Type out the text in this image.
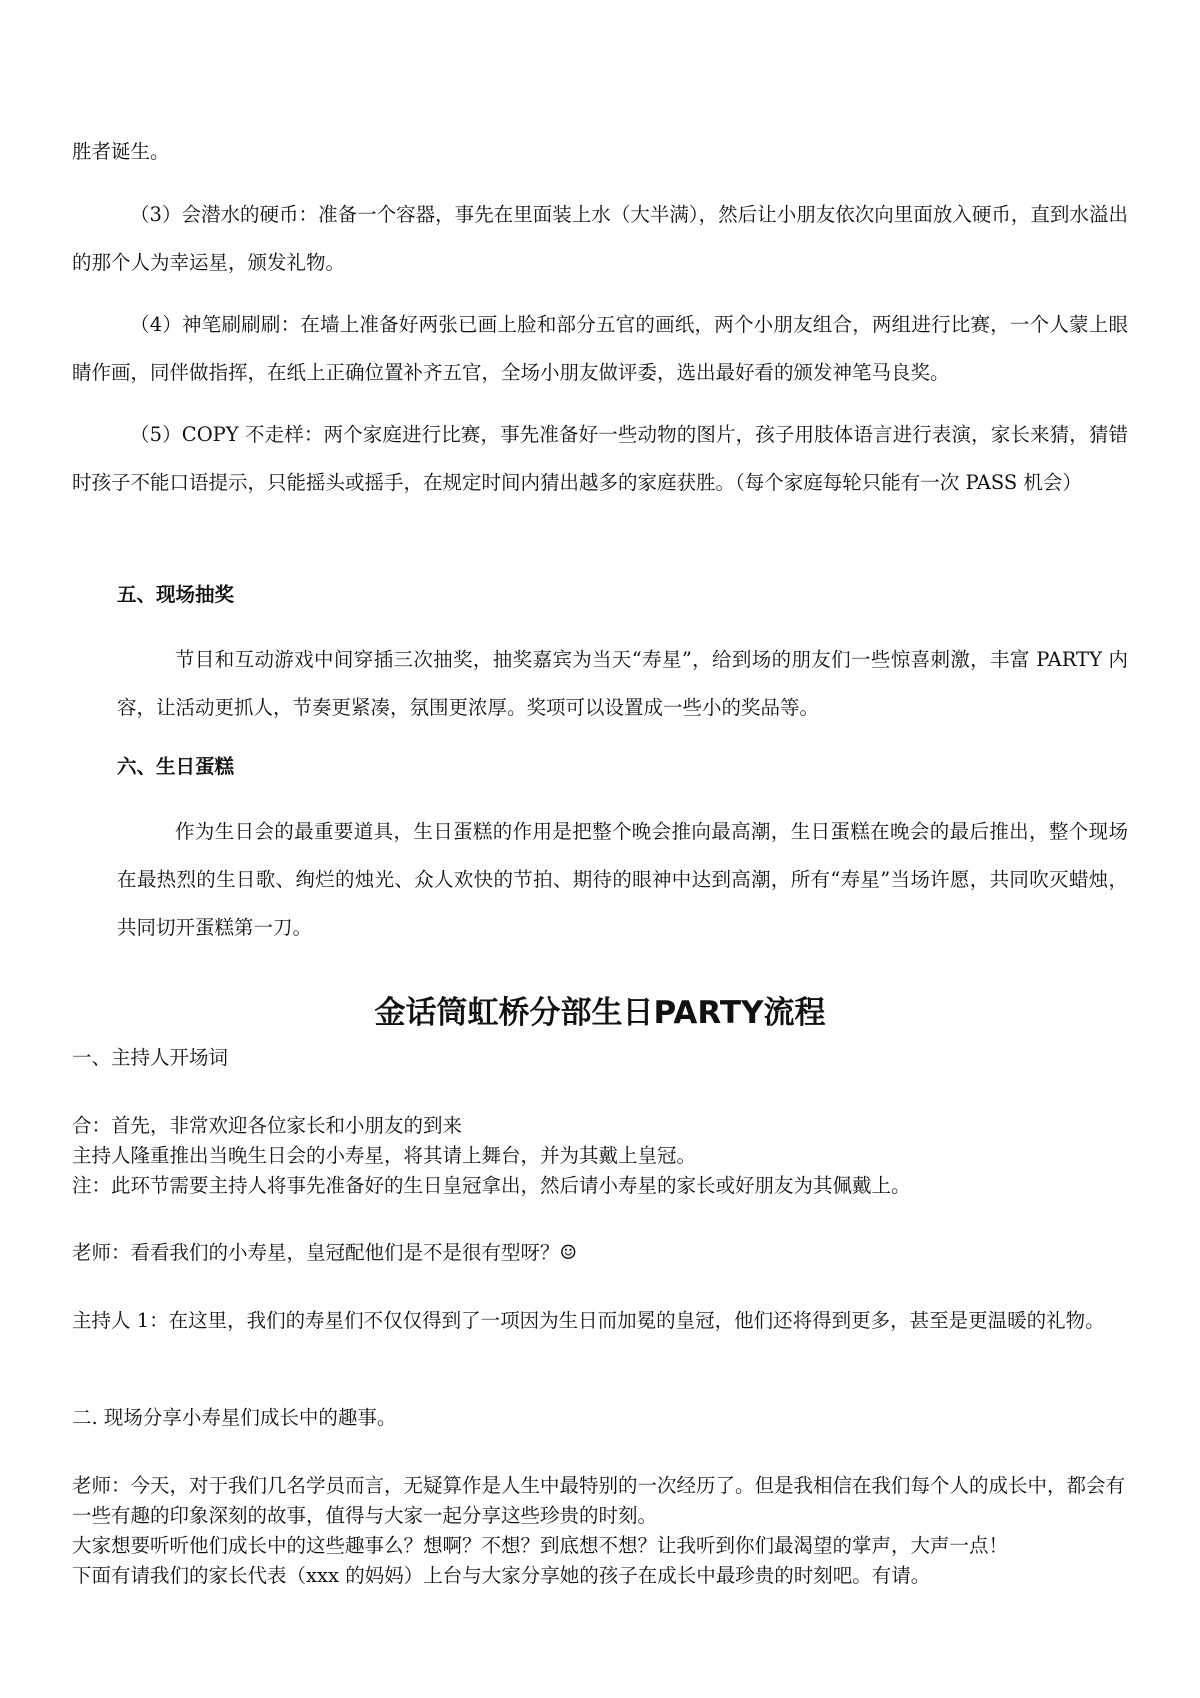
胜者诞生。

（3）会潜水的硬币：准备一个容器，事先在里面装上水（大半满），然后让小朋友依次向里面放入硬币，直到水溢出的那个人为幸运星，颁发礼物。

（4）神笔刷刷刷：在墙上准备好两张已画上脸和部分五官的画纸，两个小朋友组合，两组进行比赛，一个人蒙上眼睛作画，同伴做指挥，在纸上正确位置补齐五官，全场小朋友做评委，选出最好看的颁发神笔马良奖。

（5）COPY 不走样：两个家庭进行比赛，事先准备好一些动物的图片，孩子用肢体语言进行表演，家长来猜，猜错时孩子不能口语提示，只能摇头或摇手，在规定时间内猜出越多的家庭获胜。（每个家庭每轮只能有一次 PASS 机会）

五、现场抽奖

节目和互动游戏中间穿插三次抽奖，抽奖嘉宾为当天“寿星”，给到场的朋友们一些惊喜刺激，丰富 PARTY 内容，让活动更抓人，节奏更紧凑，氛围更浓厚。奖项可以设置成一些小的奖品等。

六、生日蛋糕

作为生日会的最重要道具，生日蛋糕的作用是把整个晚会推向最高潮，生日蛋糕在晚会的最后推出，整个现场在最热烈的生日歌、绚烂的烛光、众人欢快的节拍、期待的眼神中达到高潮，所有“寿星”当场许愿，共同吹灭蜡烛，共同切开蛋糕第一刀。

金话筒虹桥分部生日PARTY流程

一、主持人开场词

合：首先，非常欢迎各位家长和小朋友的到来

主持人隆重推出当晚生日会的小寿星，将其请上舞台，并为其戴上皇冠。

注：此环节需要主持人将事先准备好的生日皇冠拿出，然后请小寿星的家长或好朋友为其佩戴上。

老师：看看我们的小寿星，皇冠配他们是不是很有型呀？☺

主持人 1：在这里，我们的寿星们不仅仅得到了一项因为生日而加冕的皇冠，他们还将得到更多，甚至是更温暖的礼物。

二. 现场分享小寿星们成长中的趣事。

老师：今天，对于我们几名学员而言，无疑算作是人生中最特别的一次经历了。但是我相信在我们每个人的成长中，都会有一些有趣的印象深刻的故事，值得与大家一起分享这些珍贵的时刻。

大家想要听听他们成长中的这些趣事么？想啊？不想？到底想不想？让我听到你们最渴望的掌声，大声一点！

下面有请我们的家长代表（xxx 的妈妈）上台与大家分享她的孩子在成长中最珍贵的时刻吧。有请。
